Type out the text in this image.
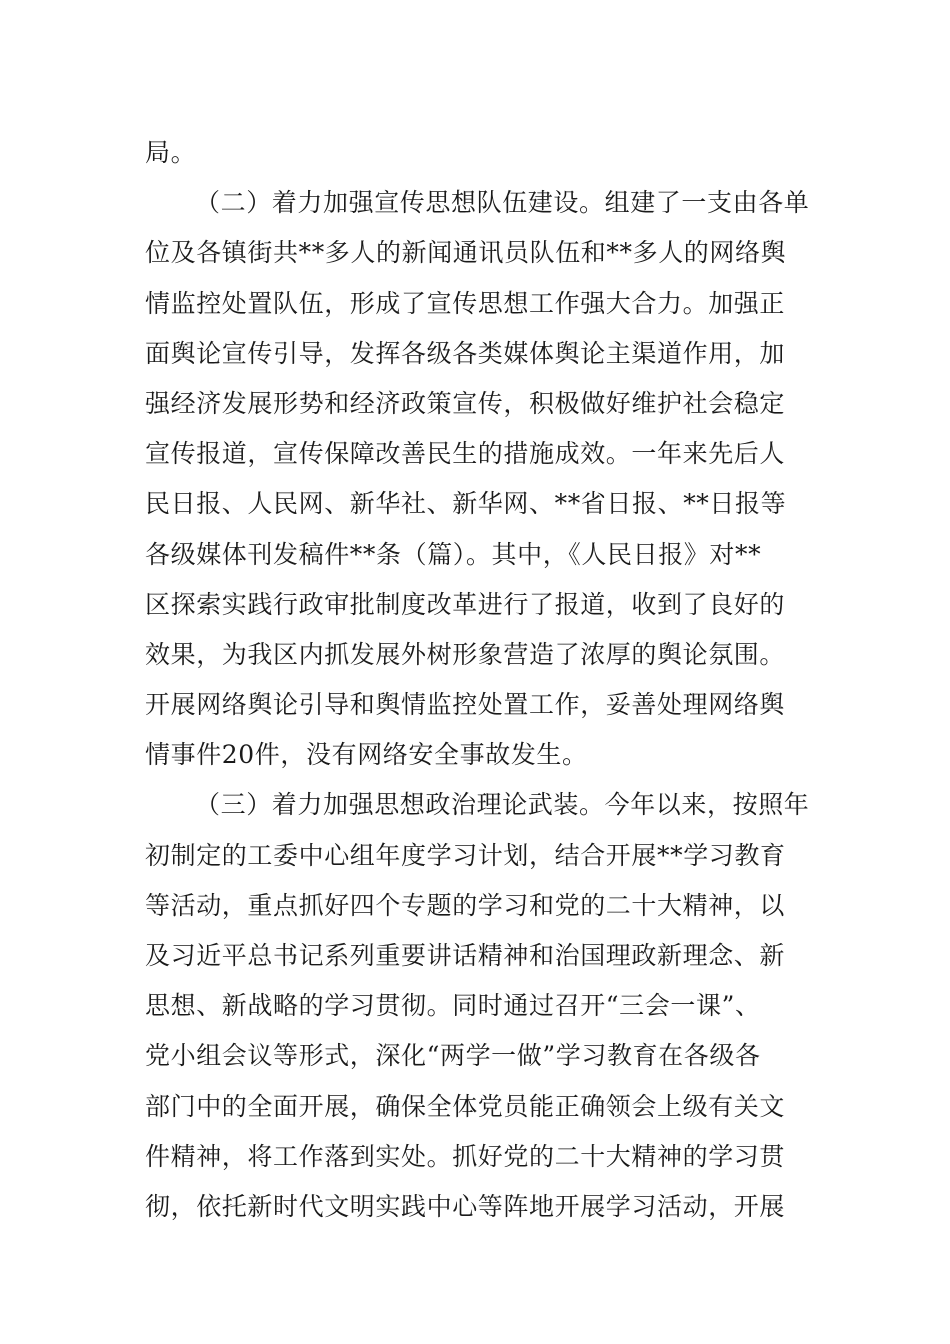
局。
（二）着力加强宣传思想队伍建设。组建了一支由各单
位及各镇街共**多人的新闻通讯员队伍和**多人的网络舆
情监控处置队伍，形成了宣传思想工作强大合力。加强正
面舆论宣传引导，发挥各级各类媒体舆论主渠道作用，加
强经济发展形势和经济政策宣传，积极做好维护社会稳定
宣传报道，宣传保障改善民生的措施成效。一年来先后人
民日报、人民网、新华社、新华网、**省日报、**日报等
各级媒体刊发稿件**条（篇）。其中，《人民日报》对**
区探索实践行政审批制度改革进行了报道，收到了良好的
效果，为我区内抓发展外树形象营造了浓厚的舆论氛围。
开展网络舆论引导和舆情监控处置工作，妥善处理网络舆
情事件20件，没有网络安全事故发生。
（三）着力加强思想政治理论武装。今年以来，按照年
初制定的工委中心组年度学习计划，结合开展**学习教育
等活动，重点抓好四个专题的学习和党的二十大精神，以
及习近平总书记系列重要讲话精神和治国理政新理念、新
思想、新战略的学习贯彻。同时通过召开“三会一课”、
党小组会议等形式，深化“两学一做”学习教育在各级各
部门中的全面开展，确保全体党员能正确领会上级有关文
件精神，将工作落到实处。抓好党的二十大精神的学习贯
彻，依托新时代文明实践中心等阵地开展学习活动，开展
